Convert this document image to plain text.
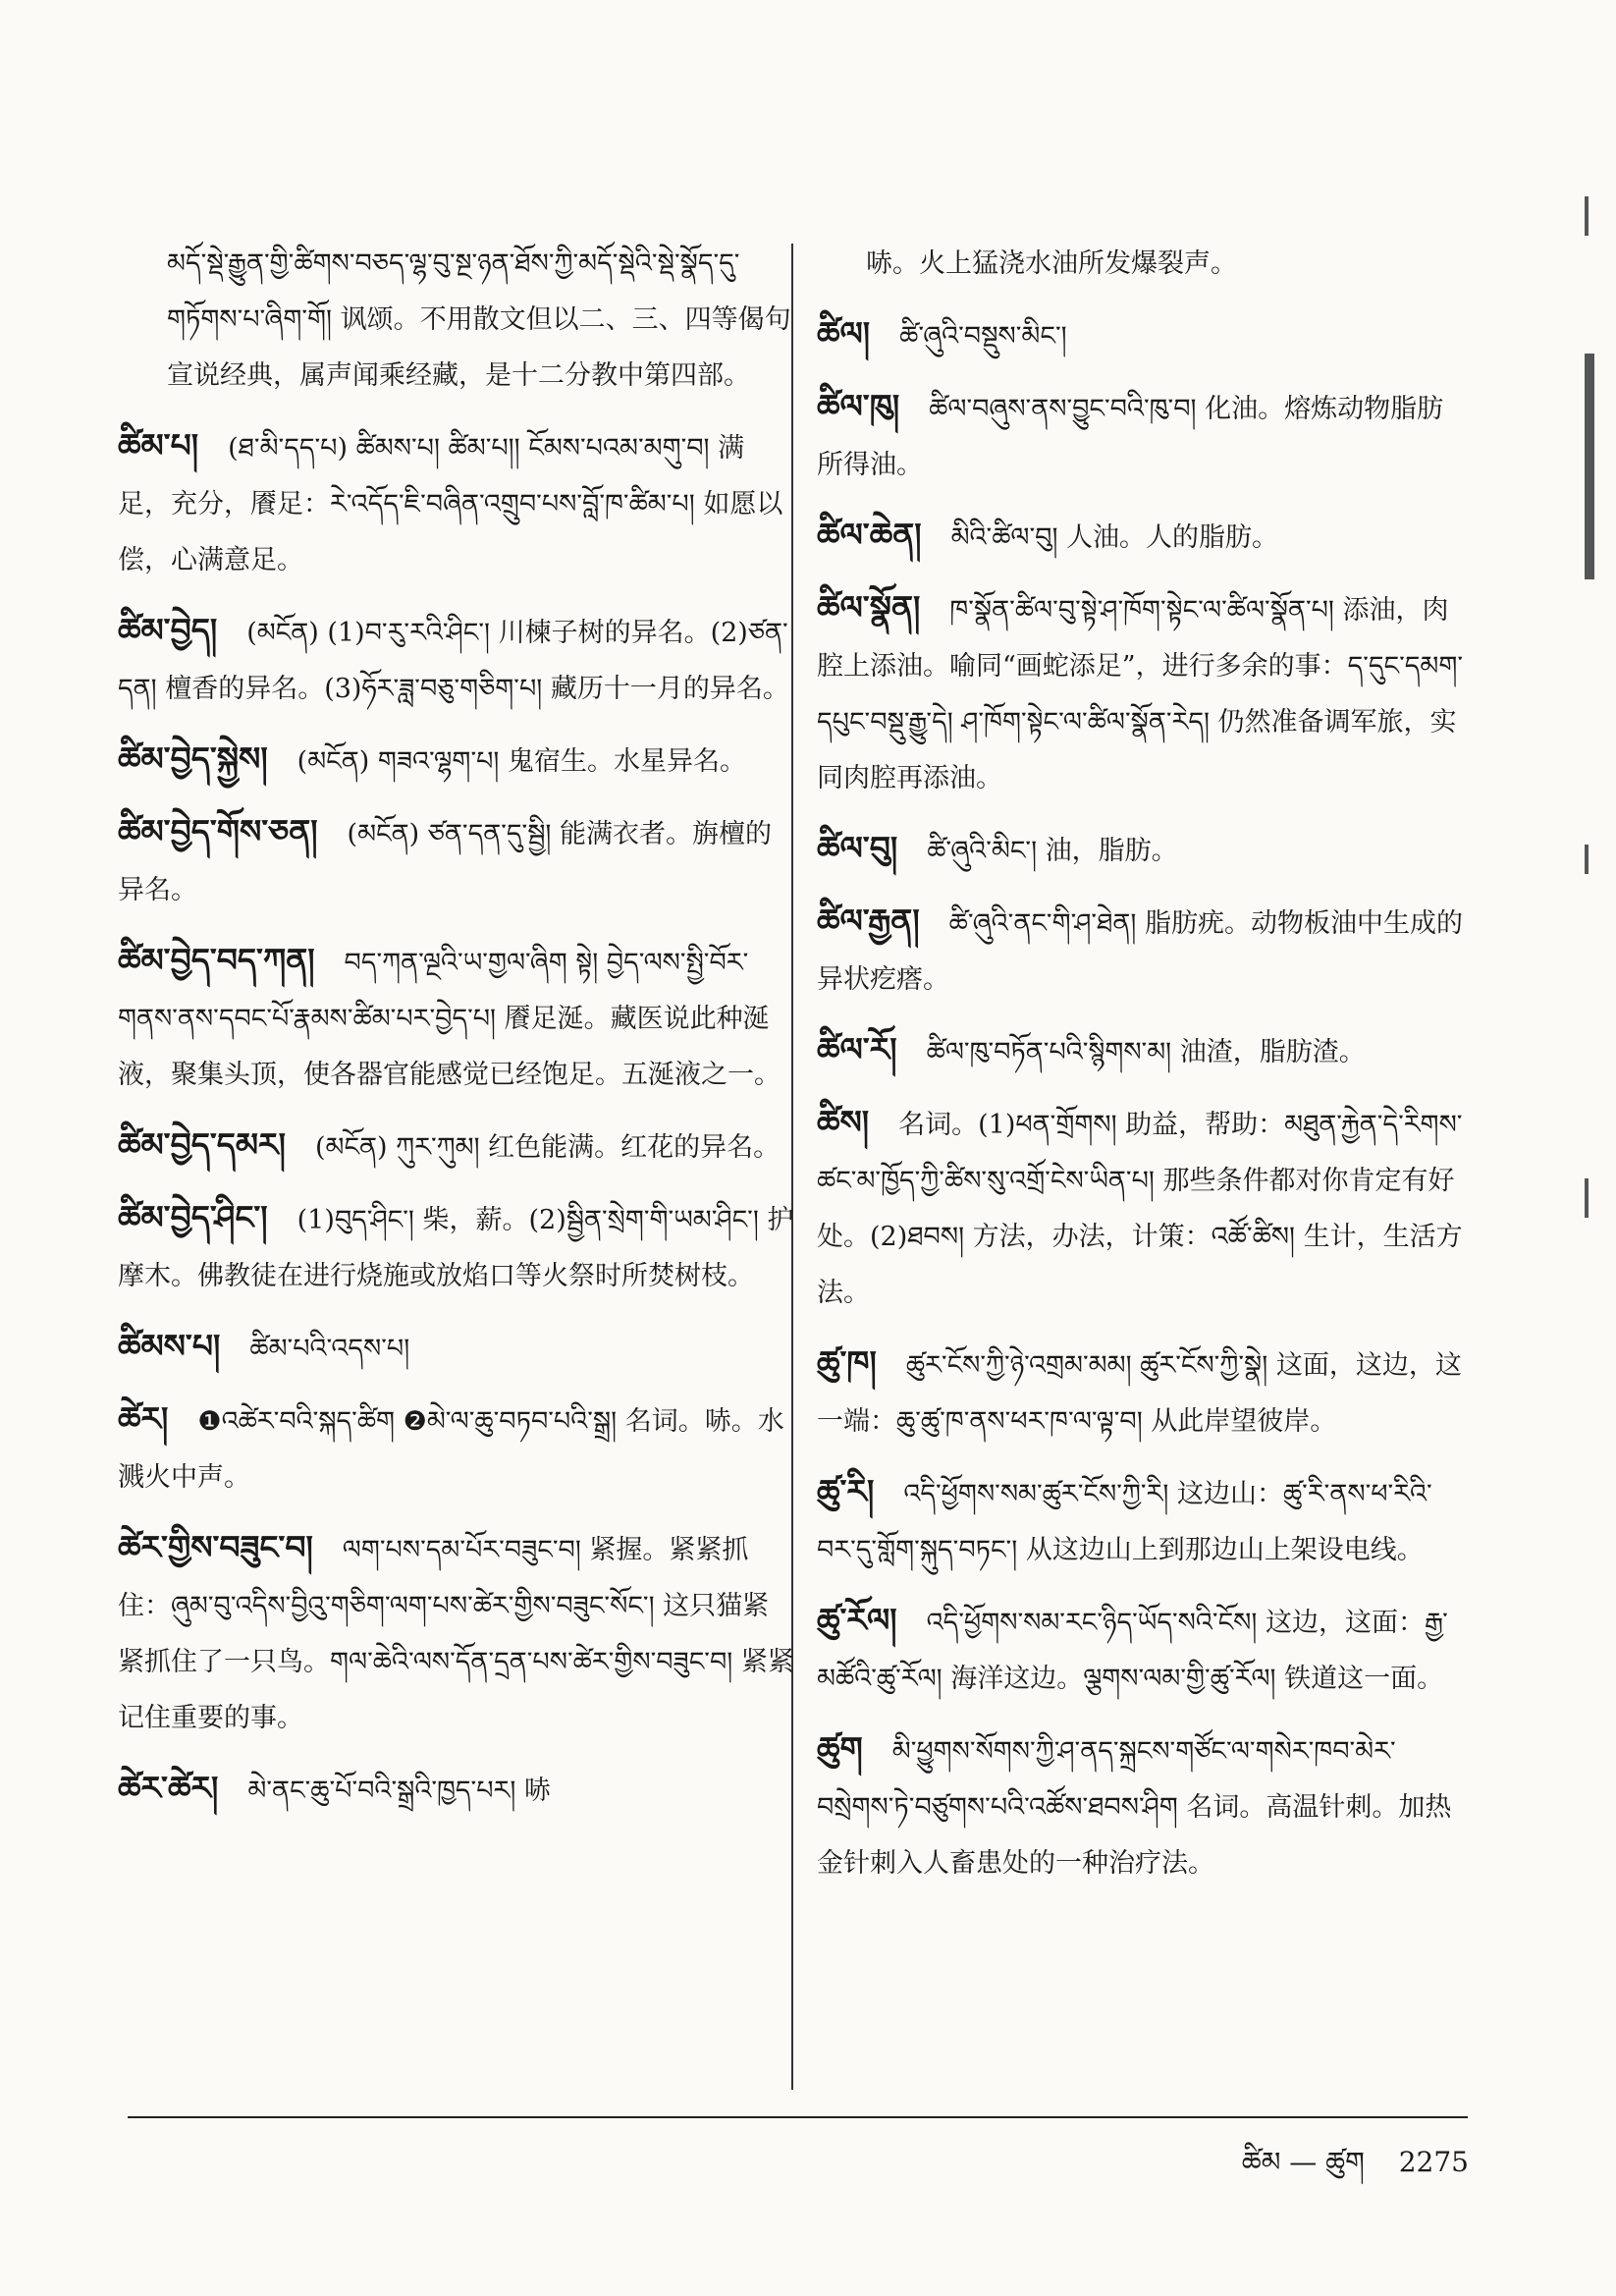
མདོ་སྡེ་རྒྱུན་གྱི་ཚིགས་བཅད་ལྷ་བུ་སྔ་ཉན་ཐོས་ཀྱི་མདོ་སྡེའི་སྡེ་སྣོད་དུ་གཏོགས་པ་ཞིག་གོ། 讽颂。不用散文但以二、三、四等偈句宣说经典，属声闻乘经藏，是十二分教中第四部。
ཚིམ་པ། (ཐ་མི་དད་པ) ཚིམས་པ། ཚིམ་པ།། ངོམས་པའམ་མགུ་བ། 满足，充分，餍足：རེ་འདོད་ཇི་བཞིན་འགྲུབ་པས་བློ་ཁ་ཚིམ་པ། 如愿以偿，心满意足。
ཚིམ་བྱེད། (མངོན) (1)བ་རུ་རའི་ཤིང་། 川楝子树的异名。(2)ཙན་དན། 檀香的异名。(3)ཧོར་ཟླ་བཅུ་གཅིག་པ། 藏历十一月的异名。
ཚིམ་བྱེད་སྐྱེས། (མངོན) གཟའ་ལྷག་པ། 鬼宿生。水星异名。
ཚིམ་བྱེད་གོས་ཅན། (མངོན) ཙན་དན་དུ་སྦྱི། 能满衣者。旃檀的异名。
ཚིམ་བྱེད་བད་ཀན། བད་ཀན་ལྔའི་ཡ་གྱལ་ཞིག སྟེ། བྱེད་ལས་སྤྱི་བོར་གནས་ནས་དབང་པོ་རྣམས་ཚིམ་པར་བྱེད་པ། 餍足涎。藏医说此种涎液，聚集头顶，使各器官能感觉已经饱足。五涎液之一。
ཚིམ་བྱེད་དམར། (མངོན) ཀུར་ཀུམ། 红色能满。红花的异名。
ཚིམ་བྱེད་ཤིང་། (1)བུད་ཤིང་། 柴，薪。(2)སྦྱིན་སྲེག་གི་ཡམ་ཤིང་། 护摩木。佛教徒在进行烧施或放焰口等火祭时所焚树枝。
ཚིམས་པ། ཚིམ་པའི་འདས་པ།
ཚེར། ❶འཚེར་བའི་སྐད་ཚིག ❷མེ་ལ་ཆུ་བཏབ་པའི་སྒྲ། 名词。哧。水溅火中声。
ཚེར་གྱིས་བཟུང་བ། ལག་པས་དམ་པོར་བཟུང་བ། 紧握。紧紧抓住：ཞུམ་བུ་འདིས་བྱིའུ་གཅིག་ལག་པས་ཚེར་གྱིས་བཟུང་སོང་། 这只猫紧紧抓住了一只鸟。གལ་ཆེའི་ལས་དོན་དྲན་པས་ཚེར་གྱིས་བཟུང་བ། 紧紧记住重要的事。
ཚེར་ཚེར། མེ་ནང་ཆུ་པོ་བའི་སྒྲའི་ཁྱད་པར། 哧
哧。火上猛浇水油所发爆裂声。
ཚིལ། ཚི་ཞུའི་བསྡུས་མིང་།
ཚིལ་ཁུ། ཚིལ་བཞུས་ནས་བྱུང་བའི་ཁུ་བ། 化油。熔炼动物脂肪所得油。
ཚིལ་ཆེན། མིའི་ཚིལ་བུ། 人油。人的脂肪。
ཚིལ་སྣོན། ཁ་སྣོན་ཚིལ་བུ་སྟེ་ཤ་ཁོག་སྟེང་ལ་ཚིལ་སྣོན་པ། 添油，肉腔上添油。喻同“画蛇添足”，进行多余的事：ད་དུང་དམག་དཔུང་བསྡུ་རྒྱུ་དེ། ཤ་ཁོག་སྟེང་ལ་ཚིལ་སྣོན་རེད། 仍然准备调军旅，实同肉腔再添油。
ཚིལ་བུ། ཚི་ཞུའི་མིང་། 油，脂肪。
ཚིལ་རྒྱན། ཚི་ཞུའི་ནང་གི་ཤ་ཐེན། 脂肪疣。动物板油中生成的异状疙瘩。
ཚིལ་རོ། ཚིལ་ཁུ་བཏོན་པའི་སྙིགས་མ། 油渣，脂肪渣。
ཚིས། 名词。(1)ཕན་གྲོགས། 助益，帮助：མཐུན་རྐྱེན་དེ་རིགས་ཚང་མ་ཁྱོད་ཀྱི་ཚིས་སུ་འགྲོ་ངེས་ཡིན་པ། 那些条件都对你肯定有好处。(2)ཐབས། 方法，办法，计策：འཚོ་ཚིས། 生计，生活方法。
ཚུ་ཁ། ཚུར་ངོས་ཀྱི་ཉེ་འགྲམ་མམ། ཚུར་ངོས་ཀྱི་སྣེ། 这面，这边，这一端：ཆུ་ཚུ་ཁ་ནས་ཕར་ཁ་ལ་ལྟ་བ། 从此岸望彼岸。
ཚུ་རི། འདི་ཕྱོགས་སམ་ཚུར་ངོས་ཀྱི་རི། 这边山：ཚུ་རི་ནས་ཕ་རིའི་བར་དུ་གློག་སྐུད་བཏང་། 从这边山上到那边山上架设电线。
ཚུ་རོལ། འདི་ཕྱོགས་སམ་རང་ཉིད་ཡོད་སའི་ངོས། 这边，这面：རྒྱ་མཚོའི་ཚུ་རོལ། 海洋这边。ལྕགས་ལམ་གྱི་ཚུ་རོལ། 铁道这一面。
ཚུག མི་ཕྱུགས་སོགས་ཀྱི་ཤ་ནད་སྐྲངས་གཙོང་ལ་གསེར་ཁབ་མེར་བསྲེགས་ཏེ་བཙུགས་པའི་འཚོས་ཐབས་ཤིག 名词。高温针刺。加热金针刺入人畜患处的一种治疗法。
ཚིམ — ཚུག 2275
